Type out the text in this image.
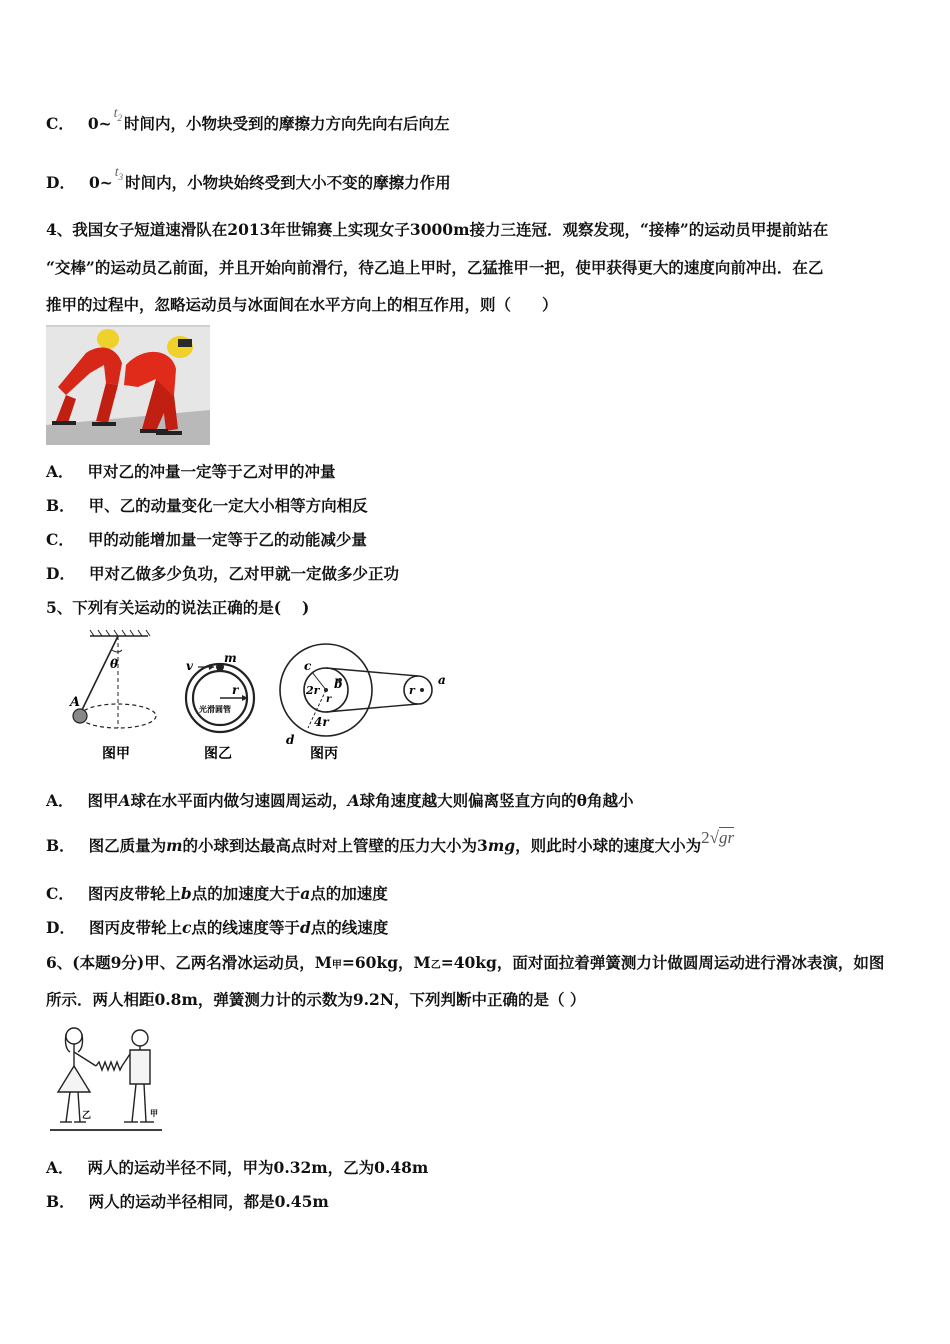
C． $0\sim t_2$ 时间内，小物块受到的摩擦力方向先向右后向左
D． $0\sim t_3$ 时间内，小物块始终受到大小不变的摩擦力作用
4、我国女子短道速滑队在2013年世锦赛上实现女子3000m接力三连冠．观察发现，“接棒”的运动员甲提前站在
“交棒”的运动员乙前面，并且开始向前滑行，待乙追上甲时，乙猛推甲一把，使甲获得更大的速度向前冲出．在乙
推甲的过程中，忽略运动员与冰面间在水平方向上的相互作用，则（　　）
A． 甲对乙的冲量一定等于乙对甲的冲量
B． 甲、乙的动量变化一定大小相等方向相反
C． 甲的动能增加量一定等于乙的动能减少量
D． 甲对乙做多少负功，乙对甲就一定做多少正功
5、下列有关运动的说法正确的是(　 )
θ
A
图甲
v
m
r
光滑圆管
图乙
c
b	a
d
2r
r
4r
r
图丙
A． 图甲A球在水平面内做匀速圆周运动，A球角速度越大则偏离竖直方向的θ角越小
B． 图乙质量为m的小球到达最高点时对上管壁的压力大小为3mg，则此时小球的速度大小为2√gr
C． 图丙皮带轮上b点的加速度大于a点的加速度
D． 图丙皮带轮上c点的线速度等于d点的线速度
6、(本题9分)甲、乙两名滑冰运动员，M甲=60kg，M乙=40kg，面对面拉着弹簧测力计做圆周运动进行滑冰表演，如图
所示．两人相距0.8m，弹簧测力计的示数为9.2N，下列判断中正确的是（ ）
乙	甲
A． 两人的运动半径不同，甲为0.32m，乙为0.48m
B． 两人的运动半径相同，都是0.45m
